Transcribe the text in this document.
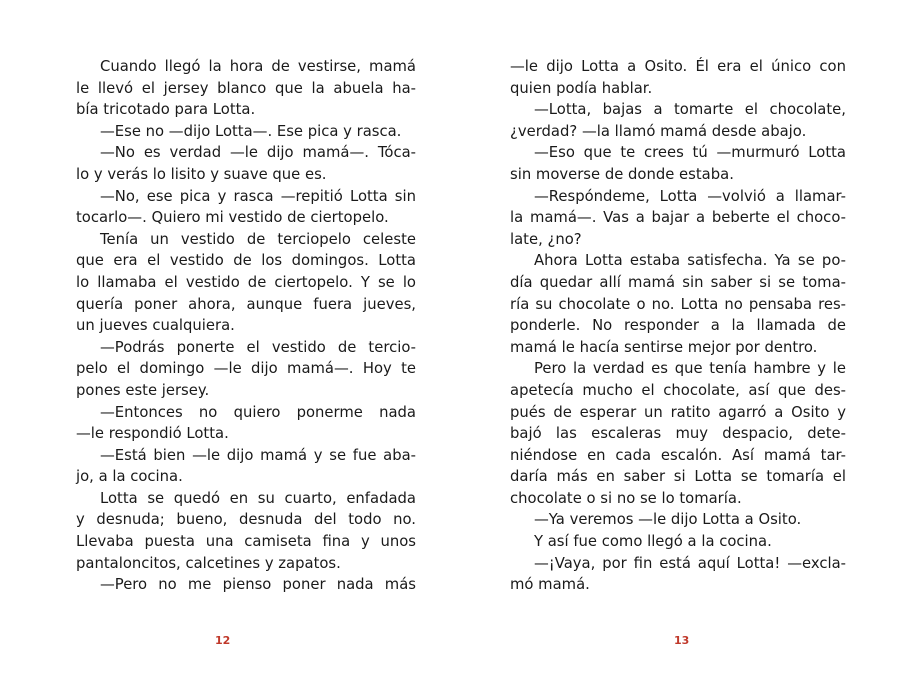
Cuando llegó la hora de vestirse, mamá
le llevó el jersey blanco que la abuela ha-
bía tricotado para Lotta.
—Ese no —dijo Lotta—. Ese pica y rasca.
—No es verdad —le dijo mamá—. Tóca-
lo y verás lo lisito y suave que es.
—No, ese pica y rasca —repitió Lotta sin
tocarlo—. Quiero mi vestido de ciertopelo.
Tenía un vestido de terciopelo celeste
que era el vestido de los domingos. Lotta
lo llamaba el vestido de ciertopelo. Y se lo
quería poner ahora, aunque fuera jueves,
un jueves cualquiera.
—Podrás ponerte el vestido de tercio-
pelo el domingo —le dijo mamá—. Hoy te
pones este jersey.
—Entonces no quiero ponerme nada
—le respondió Lotta.
—Está bien —le dijo mamá y se fue aba-
jo, a la cocina.
Lotta se quedó en su cuarto, enfadada
y desnuda; bueno, desnuda del todo no.
Llevaba puesta una camiseta fina y unos
pantaloncitos, calcetines y zapatos.
—Pero no me pienso poner nada más
—le dijo Lotta a Osito. Él era el único con
quien podía hablar.
—Lotta, bajas a tomarte el chocolate,
¿verdad? —la llamó mamá desde abajo.
—Eso que te crees tú —murmuró Lotta
sin moverse de donde estaba.
—Respóndeme, Lotta —volvió a llamar-
la mamá—. Vas a bajar a beberte el choco-
late, ¿no?
Ahora Lotta estaba satisfecha. Ya se po-
día quedar allí mamá sin saber si se toma-
ría su chocolate o no. Lotta no pensaba res-
ponderle. No responder a la llamada de
mamá le hacía sentirse mejor por dentro.
Pero la verdad es que tenía hambre y le
apetecía mucho el chocolate, así que des-
pués de esperar un ratito agarró a Osito y
bajó las escaleras muy despacio, dete-
niéndose en cada escalón. Así mamá tar-
daría más en saber si Lotta se tomaría el
chocolate o si no se lo tomaría.
—Ya veremos —le dijo Lotta a Osito.
Y así fue como llegó a la cocina.
—¡Vaya, por fin está aquí Lotta! —excla-
mó mamá.
12	13
